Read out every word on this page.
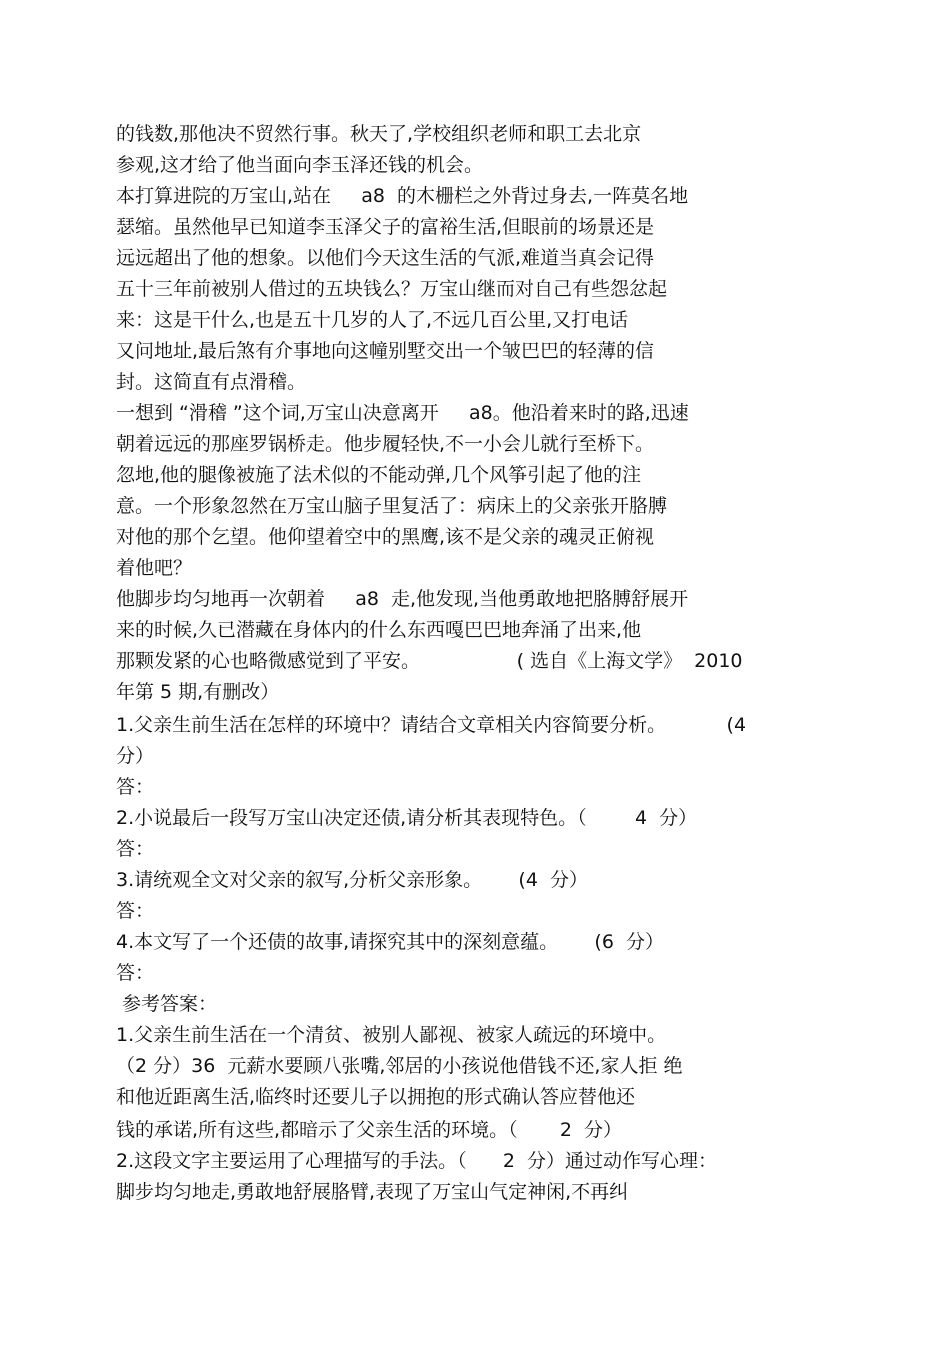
的钱数,那他决不贸然行事。秋天了,学校组织老师和职工去北京
参观,这才给了他当面向李玉泽还钱的机会。
本打算进院的万宝山,站在     a8  的木栅栏之外背过身去,一阵莫名地
瑟缩。虽然他早已知道李玉泽父子的富裕生活,但眼前的场景还是
远远超出了他的想象。以他们今天这生活的气派,难道当真会记得
五十三年前被别人借过的五块钱么？万宝山继而对自己有些怨忿起
来：这是干什么,也是五十几岁的人了,不远几百公里,又打电话
又问地址,最后煞有介事地向这幢别墅交出一个皱巴巴的轻薄的信
封。这简直有点滑稽。
一想到 “滑稽 ”这个词,万宝山决意离开     a8。他沿着来时的路,迅速
朝着远远的那座罗锅桥走。他步履轻快,不一小会儿就行至桥下。
忽地,他的腿像被施了法术似的不能动弹,几个风筝引起了他的注
意。一个形象忽然在万宝山脑子里复活了：病床上的父亲张开胳膊
对他的那个乞望。他仰望着空中的黑鹰,该不是父亲的魂灵正俯视
着他吧？
他脚步均匀地再一次朝着     a8  走,他发现,当他勇敢地把胳膊舒展开
来的时候,久已潜藏在身体内的什么东西嘎巴巴地奔涌了出来,他
那颗发紧的心也略微感觉到了平安。                ( 选自《上海文学》  2010
年第 5 期,有删改）
1.父亲生前生活在怎样的环境中？请结合文章相关内容简要分析。          (4
分）
答：
2.小说最后一段写万宝山决定还债,请分析其表现特色。（        4  分）
答：
3.请统观全文对父亲的叙写,分析父亲形象。      (4  分）
答：
4.本文写了一个还债的故事,请探究其中的深刻意蕴。      (6  分）
答：
参考答案：
1.父亲生前生活在一个清贫、被别人鄙视、被家人疏远的环境中。
（2 分）36  元薪水要顾八张嘴,邻居的小孩说他借钱不还,家人拒 绝
和他近距离生活,临终时还要儿子以拥抱的形式确认答应替他还
钱的承诺,所有这些,都暗示了父亲生活的环境。（       2  分）
2.这段文字主要运用了心理描写的手法。（      2  分）通过动作写心理：
脚步均匀地走,勇敢地舒展胳臂,表现了万宝山气定神闲,不再纠
